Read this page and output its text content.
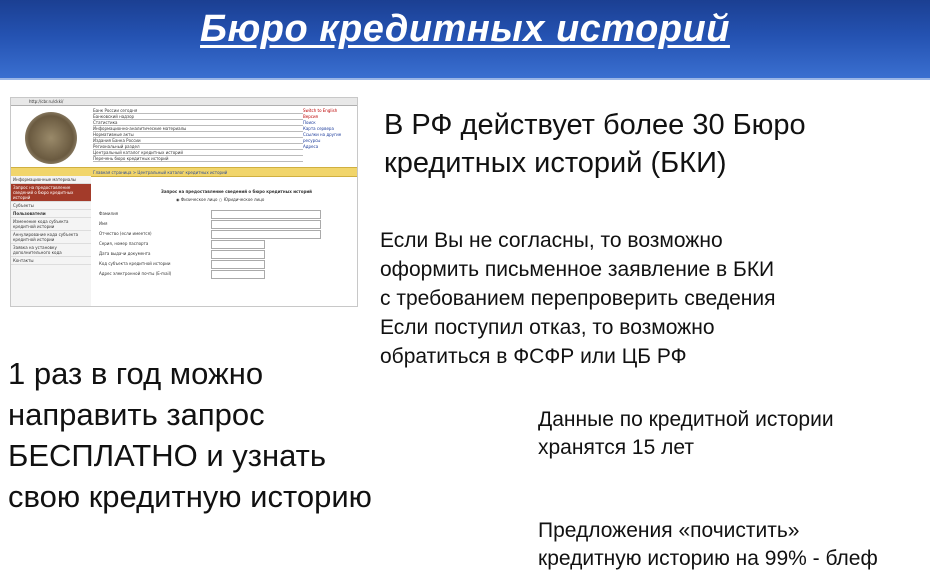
Бюро кредитных историй
http://cbr.ru/ckki/
Банк России сегодня
Банковский надзор
Статистика
Информационно-аналитические материалы
Нормативные акты
Издания Банка России
Региональный раздел
Центральный каталог кредитных историй
Перечень бюро кредитных историй
Switch to English
Версия
Поиск
Карта сервера
Ссылки на другие ресурсы
Адреса
Главная страница > Центральный каталог кредитных историй
Информационные материалы
Запрос на предоставление сведений о бюро кредитных историй
Субъекты
Пользователи
Изменение кода субъекта кредитной истории
Аннулирование кода субъекта кредитной истории
Заявка на установку дополнительного кода
Контакты
Запрос на предоставление сведений о бюро кредитных историй
◉ Физическое лицо ○ Юридическое лицо
Фамилия
Имя
Отчество (если имеется)
Серия, номер паспорта
Дата выдачи документа
Код субъекта кредитной истории
Адрес электронной почты (E-mail)
В РФ действует более 30 Бюро
кредитных историй (БКИ)
Если Вы не согласны, то возможно
оформить письменное заявление в БКИ
с требованием перепроверить сведения
Если поступил отказ, то возможно
обратиться в ФСФР или ЦБ РФ
1 раз в год можно
направить запрос
БЕСПЛАТНО и узнать
свою кредитную историю
Данные по кредитной истории
хранятся 15 лет
Предложения «почистить»
кредитную историю на 99% - блеф
